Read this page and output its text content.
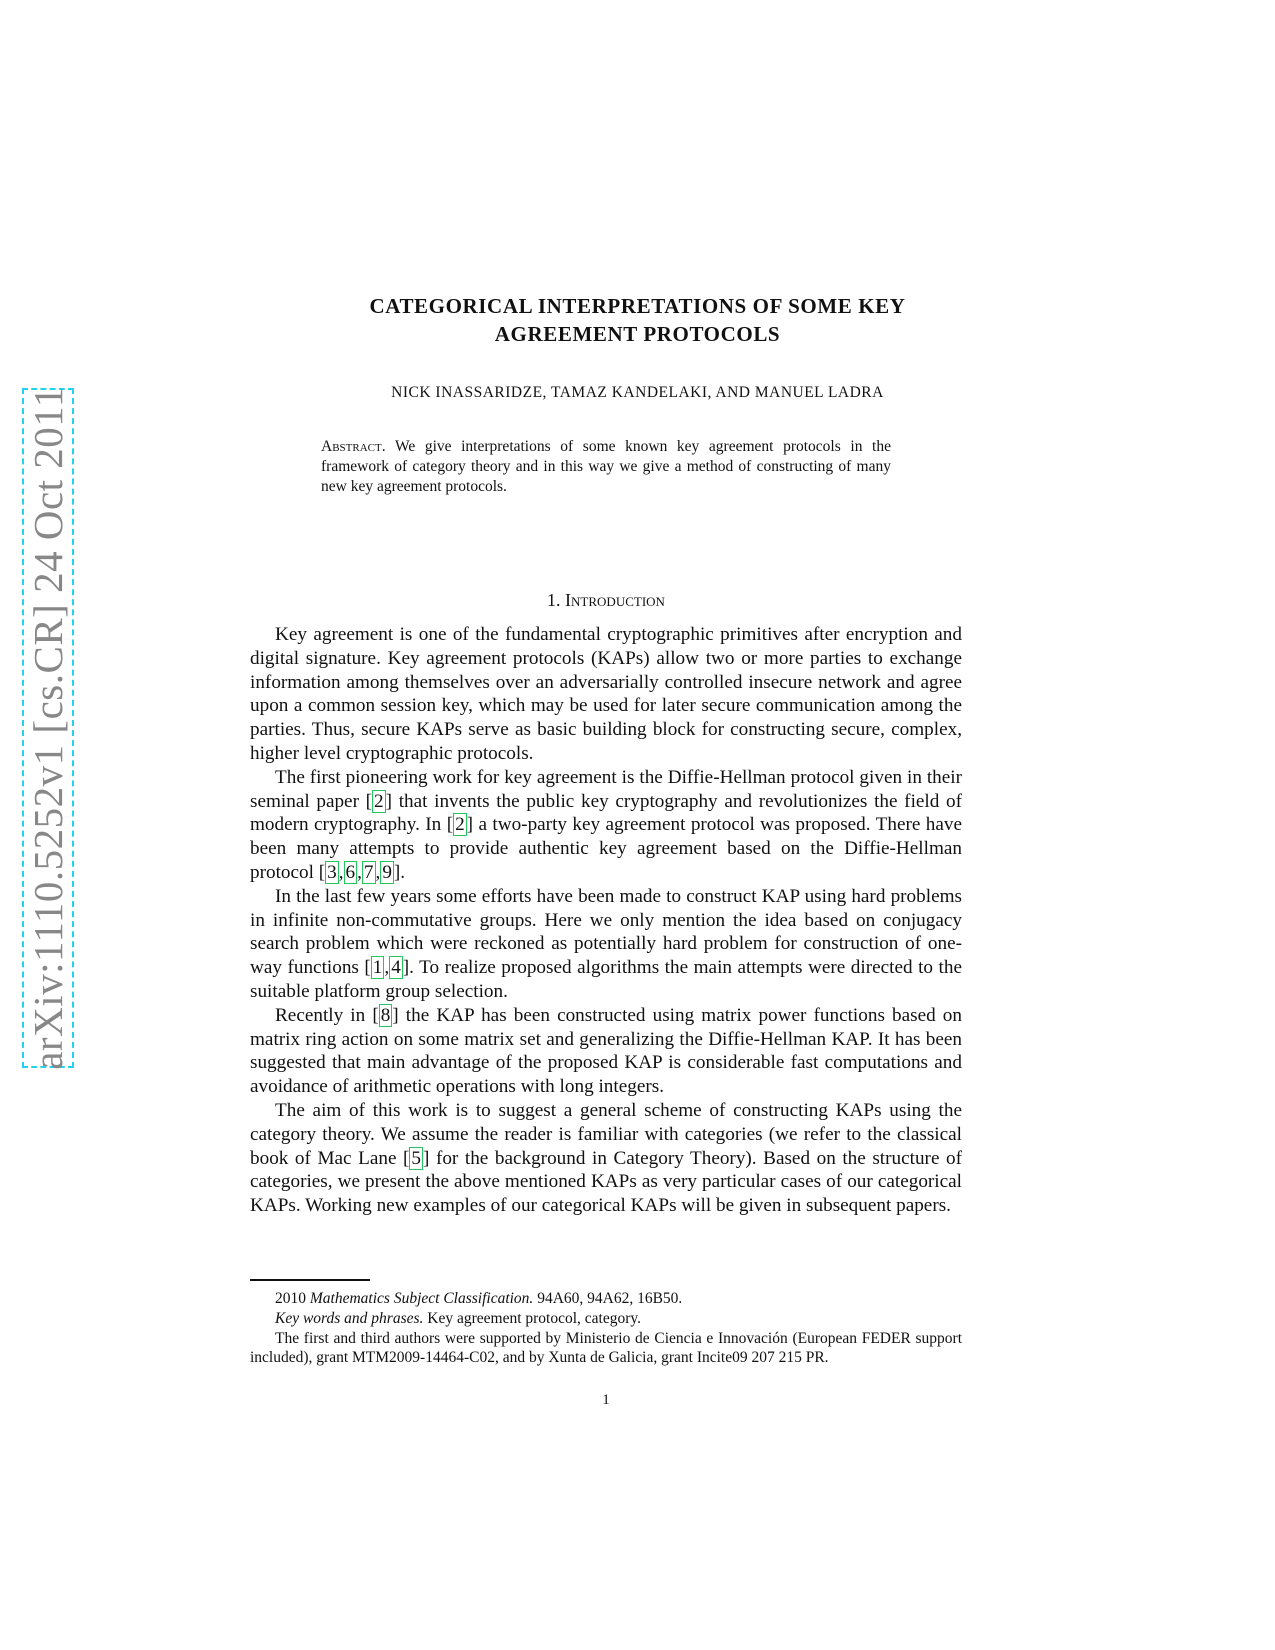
arXiv:1110.5252v1 [cs.CR] 24 Oct 2011
CATEGORICAL INTERPRETATIONS OF SOME KEY
AGREEMENT PROTOCOLS
NICK INASSARIDZE, TAMAZ KANDELAKI, AND MANUEL LADRA
Abstract. We give interpretations of some known key agreement protocols in the framework of category theory and in this way we give a method of constructing of many new key agreement protocols.
1. Introduction

Key agreement is one of the fundamental cryptographic primitives after encryption and digital signature. Key agreement protocols (KAPs) allow two or more parties to exchange information among themselves over an adversarially controlled insecure network and agree upon a common session key, which may be used for later secure communication among the parties. Thus, secure KAPs serve as basic building block for constructing secure, complex, higher level cryptographic protocols.

The first pioneering work for key agreement is the Diffie-Hellman protocol given in their seminal paper [ 2 ] that invents the public key cryptography and revolutionizes the field of modern cryptography. In [ 2 ] a two-party key agreement protocol was proposed. There have been many attempts to provide authentic key agreement based on the Diffie-Hellman protocol [ 3 , 6 , 7 , 9 ].

In the last few years some efforts have been made to construct KAP using hard problems in infinite non-commutative groups. Here we only mention the idea based on conjugacy search problem which were reckoned as potentially hard problem for construction of one-way functions [ 1 , 4 ]. To realize proposed algorithms the main attempts were directed to the suitable platform group selection.

Recently in [ 8 ] the KAP has been constructed using matrix power functions based on matrix ring action on some matrix set and generalizing the Diffie-Hellman KAP. It has been suggested that main advantage of the proposed KAP is considerable fast computations and avoidance of arithmetic operations with long integers.

The aim of this work is to suggest a general scheme of constructing KAPs using the category theory. We assume the reader is familiar with categories (we refer to the classical book of Mac Lane [ 5 ] for the background in Category Theory). Based on the structure of categories, we present the above mentioned KAPs as very particular cases of our categorical KAPs. Working new examples of our categorical KAPs will be given in subsequent papers.

2010 Mathematics Subject Classification. 94A60, 94A62, 16B50.

Key words and phrases. Key agreement protocol, category.

The first and third authors were supported by Ministerio de Ciencia e Innovación (European FEDER support included), grant MTM2009-14464-C02, and by Xunta de Galicia, grant Incite09 207 215 PR.

1
